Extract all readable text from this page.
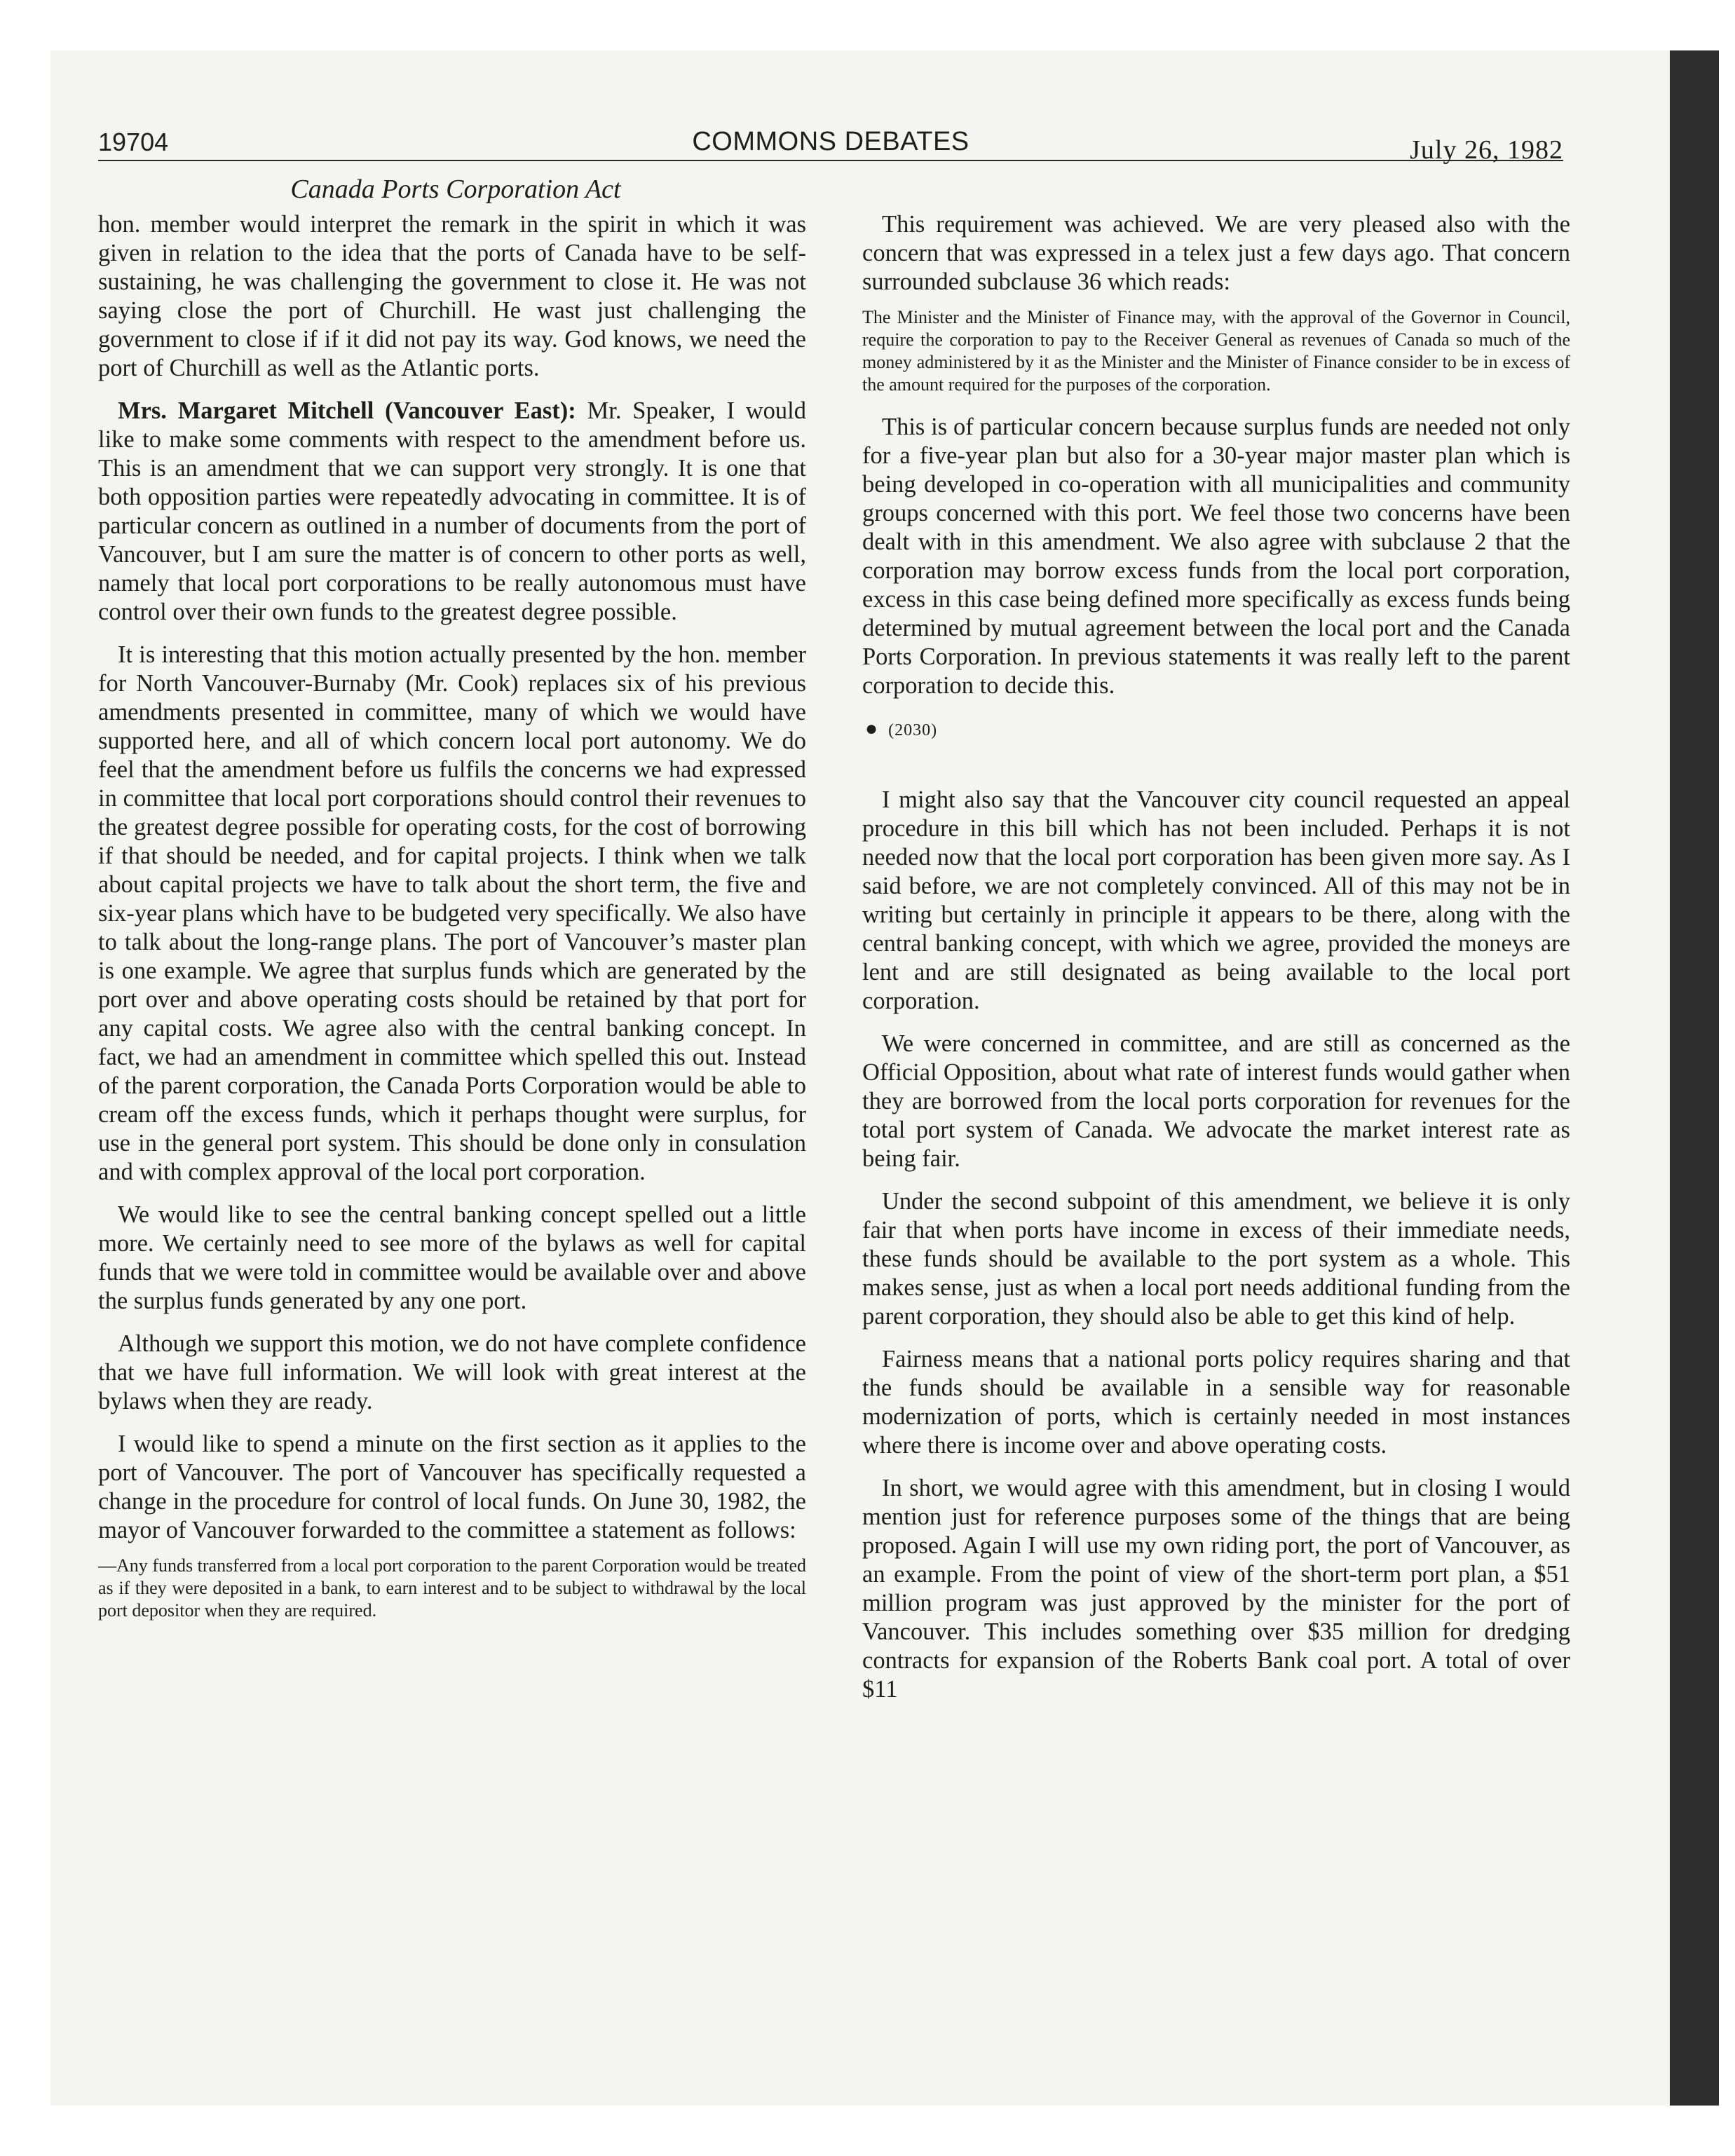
19704	COMMONS DEBATES	July 26, 1982
Canada Ports Corporation Act

hon. member would interpret the remark in the spirit in which it was given in relation to the idea that the ports of Canada have to be self-sustaining, he was challenging the government to close it. He was not saying close the port of Churchill. He wast just challenging the government to close if if it did not pay its way. God knows, we need the port of Churchill as well as the Atlantic ports.

Mrs. Margaret Mitchell (Vancouver East): Mr. Speaker, I would like to make some comments with respect to the amendment before us. This is an amendment that we can support very strongly. It is one that both opposition parties were repeatedly advocating in committee. It is of particular concern as outlined in a number of documents from the port of Vancouver, but I am sure the matter is of concern to other ports as well, namely that local port corporations to be really autonomous must have control over their own funds to the greatest degree possible.

It is interesting that this motion actually presented by the hon. member for North Vancouver-Burnaby (Mr. Cook) replaces six of his previous amendments presented in committee, many of which we would have supported here, and all of which concern local port autonomy. We do feel that the amendment before us fulfils the concerns we had expressed in committee that local port corporations should control their revenues to the greatest degree possible for operating costs, for the cost of borrowing if that should be needed, and for capital projects. I think when we talk about capital projects we have to talk about the short term, the five and six-year plans which have to be budgeted very specifically. We also have to talk about the long-range plans. The port of Vancouver’s master plan is one example. We agree that surplus funds which are generated by the port over and above operating costs should be retained by that port for any capital costs. We agree also with the central banking concept. In fact, we had an amendment in committee which spelled this out. Instead of the parent corporation, the Canada Ports Corporation would be able to cream off the excess funds, which it perhaps thought were surplus, for use in the general port system. This should be done only in consulation and with complex approval of the local port corporation.

We would like to see the central banking concept spelled out a little more. We certainly need to see more of the bylaws as well for capital funds that we were told in committee would be available over and above the surplus funds generated by any one port.

Although we support this motion, we do not have complete confidence that we have full information. We will look with great interest at the bylaws when they are ready.

I would like to spend a minute on the first section as it applies to the port of Vancouver. The port of Vancouver has specifically requested a change in the procedure for control of local funds. On June 30, 1982, the mayor of Vancouver forwarded to the committee a statement as follows:

—Any funds transferred from a local port corporation to the parent Corporation would be treated as if they were deposited in a bank, to earn interest and to be subject to withdrawal by the local port depositor when they are required.

This requirement was achieved. We are very pleased also with the concern that was expressed in a telex just a few days ago. That concern surrounded subclause 36 which reads:

The Minister and the Minister of Finance may, with the approval of the Governor in Council, require the corporation to pay to the Receiver General as revenues of Canada so much of the money administered by it as the Minister and the Minister of Finance consider to be in excess of the amount required for the purposes of the corporation.

This is of particular concern because surplus funds are needed not only for a five-year plan but also for a 30-year major master plan which is being developed in co-operation with all municipalities and community groups concerned with this port. We feel those two concerns have been dealt with in this amendment. We also agree with subclause 2 that the corporation may borrow excess funds from the local port corporation, excess in this case being defined more specifically as excess funds being determined by mutual agreement between the local port and the Canada Ports Corporation. In previous statements it was really left to the parent corporation to decide this.

● (2030)

I might also say that the Vancouver city council requested an appeal procedure in this bill which has not been included. Perhaps it is not needed now that the local port corporation has been given more say. As I said before, we are not completely convinced. All of this may not be in writing but certainly in principle it appears to be there, along with the central banking concept, with which we agree, provided the moneys are lent and are still designated as being available to the local port corporation.

We were concerned in committee, and are still as concerned as the Official Opposition, about what rate of interest funds would gather when they are borrowed from the local ports corporation for revenues for the total port system of Canada. We advocate the market interest rate as being fair.

Under the second subpoint of this amendment, we believe it is only fair that when ports have income in excess of their immediate needs, these funds should be available to the port system as a whole. This makes sense, just as when a local port needs additional funding from the parent corporation, they should also be able to get this kind of help.

Fairness means that a national ports policy requires sharing and that the funds should be available in a sensible way for reasonable modernization of ports, which is certainly needed in most instances where there is income over and above operating costs.

In short, we would agree with this amendment, but in closing I would mention just for reference purposes some of the things that are being proposed. Again I will use my own riding port, the port of Vancouver, as an example. From the point of view of the short-term port plan, a $51 million program was just approved by the minister for the port of Vancouver. This includes something over $35 million for dredging contracts for expansion of the Roberts Bank coal port. A total of over $11
